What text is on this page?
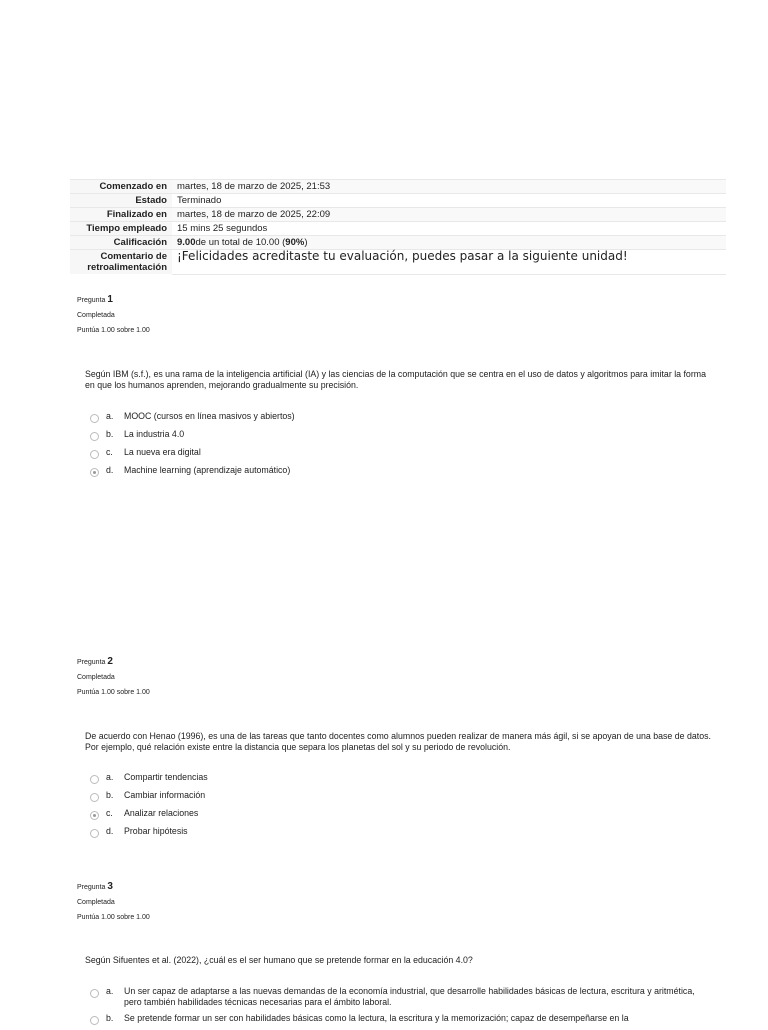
Comenzado en	martes, 18 de marzo de 2025, 21:53
Estado	Terminado
Finalizado en	martes, 18 de marzo de 2025, 22:09
Tiempo empleado	15 mins 25 segundos
Calificación	9.00de un total de 10.00 (90%)
Comentario de
retroalimentación	¡Felicidades acreditaste tu evaluación, puedes pasar a la siguiente unidad!
Pregunta 1
Completada
Puntúa 1.00 sobre 1.00
Según IBM (s.f.), es una rama de la inteligencia artificial (IA) y las ciencias de la computación que se centra en el uso de datos y algoritmos para imitar la forma en que los humanos aprenden, mejorando gradualmente su precisión.
a.	MOOC (cursos en línea masivos y abiertos)
b.	La industria 4.0
c.	La nueva era digital
d.	Machine learning (aprendizaje automático)
Pregunta 2
Completada
Puntúa 1.00 sobre 1.00
De acuerdo con Henao (1996), es una de las tareas que tanto docentes como alumnos pueden realizar de manera más ágil, si se apoyan de una base de datos. Por ejemplo, qué relación existe entre la distancia que separa los planetas del sol y su periodo de revolución.
a.	Compartir tendencias
b.	Cambiar información
c.	Analizar relaciones
d.	Probar hipótesis
Pregunta 3
Completada
Puntúa 1.00 sobre 1.00
Según Sifuentes et al. (2022), ¿cuál es el ser humano que se pretende formar en la educación 4.0?
a.	Un ser capaz de adaptarse a las nuevas demandas de la economía industrial, que desarrolle habilidades básicas de lectura, escritura y aritmética, pero también habilidades técnicas necesarias para el ámbito laboral.
b.	Se pretende formar un ser con habilidades básicas como la lectura, la escritura y la memorización; capaz de desempeñarse en la
